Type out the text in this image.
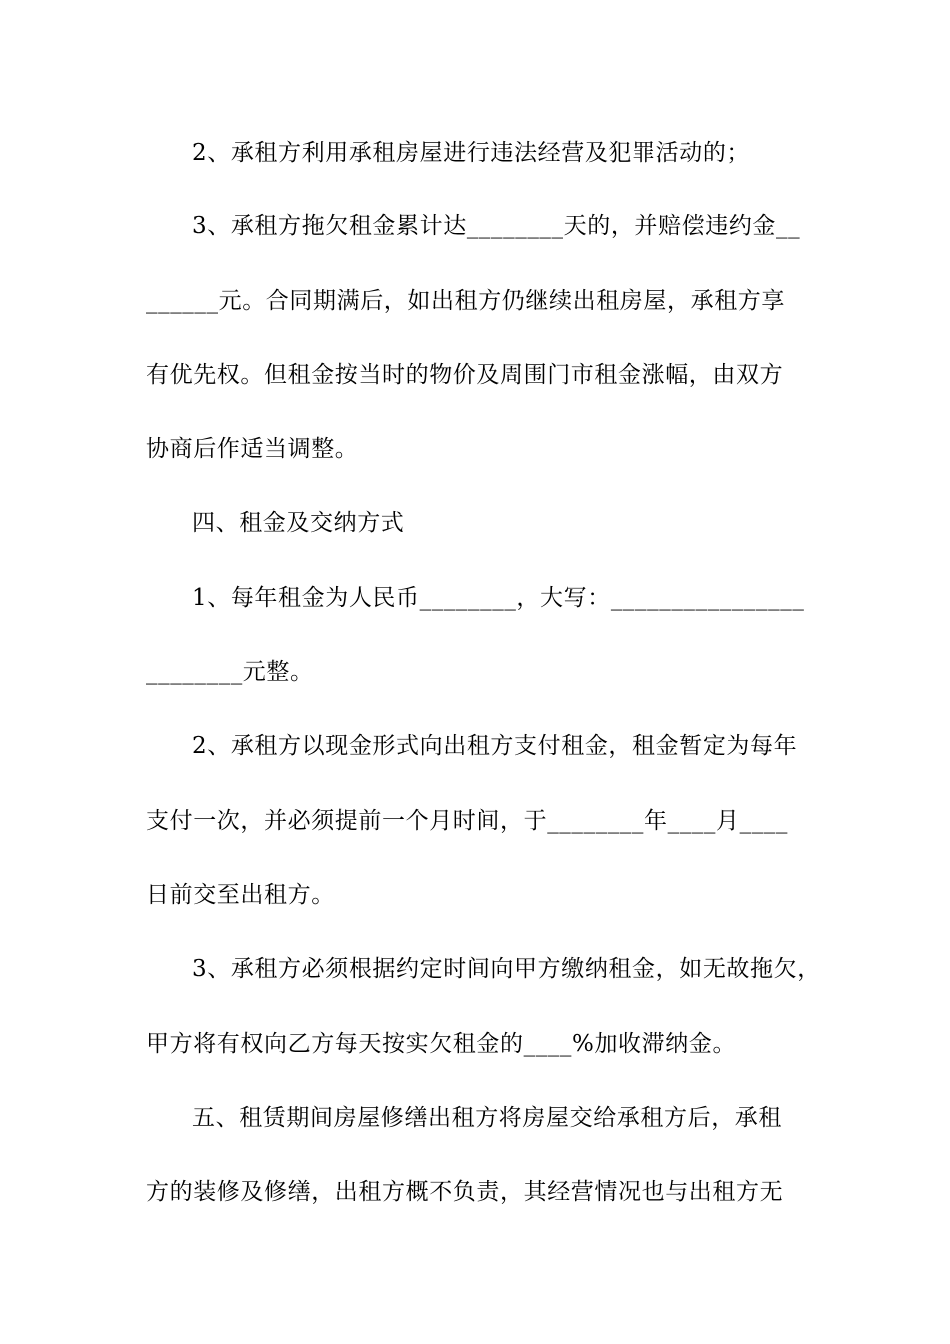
2、承租方利用承租房屋进行违法经营及犯罪活动的；
3、承租方拖欠租金累计达________天的，并赔偿违约金__
______元。合同期满后，如出租方仍继续出租房屋，承租方享
有优先权。但租金按当时的物价及周围门市租金涨幅，由双方
协商后作适当调整。
四、租金及交纳方式
1、每年租金为人民币________，大写：________________
________元整。
2、承租方以现金形式向出租方支付租金，租金暂定为每年
支付一次，并必须提前一个月时间，于________年____月____
日前交至出租方。
3、承租方必须根据约定时间向甲方缴纳租金，如无故拖欠，
甲方将有权向乙方每天按实欠租金的____%加收滞纳金。
五、租赁期间房屋修缮出租方将房屋交给承租方后，承租
方的装修及修缮，出租方概不负责，其经营情况也与出租方无
